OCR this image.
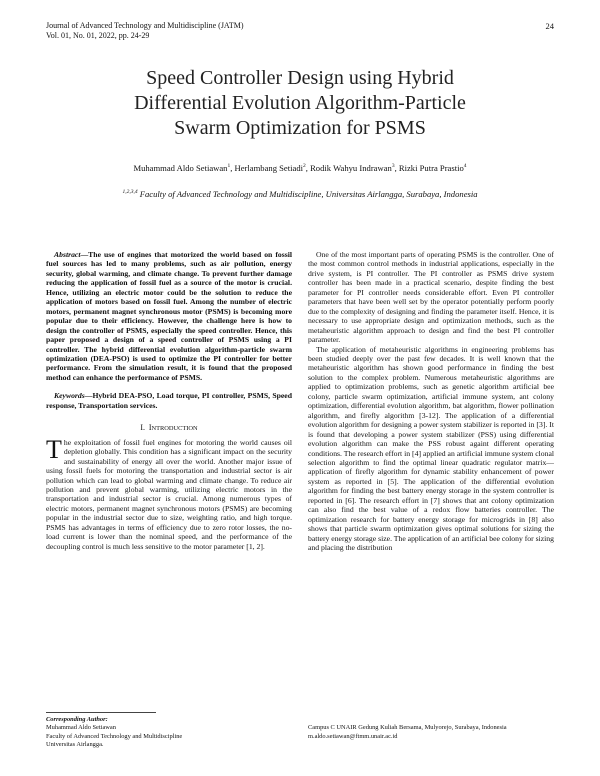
Journal of Advanced Technology and Multidiscipline (JATM)
Vol. 01, No. 01, 2022, pp. 24-29
24
Speed Controller Design using Hybrid
Differential Evolution Algorithm-Particle
Swarm Optimization for PSMS
Muhammad Aldo Setiawan$^1$, Herlambang Setiadi$^2$, Rodik Wahyu Indrawan$^3$, Rizki Putra Prastio$^4$
$^{1,2,3,4}$ Faculty of Advanced Technology and Multidiscipline, Universitas Airlangga, Surabaya, Indonesia

Abstract—The use of engines that motorized the world based on fossil fuel sources has led to many problems, such as air pollution, energy security, global warming, and climate change. To prevent further damage reducing the application of fossil fuel as a source of the motor is crucial. Hence, utilizing an electric motor could be the solution to reduce the application of motors based on fossil fuel. Among the number of electric motors, permanent magnet synchronous motor (PSMS) is becoming more popular due to their efficiency. However, the challenge here is how to design the controller of PSMS, especially the speed controller. Hence, this paper proposed a design of a speed controller of PSMS using a PI controller. The hybrid differential evolution algorithm-particle swarm optimization (DEA-PSO) is used to optimize the PI controller for better performance. From the simulation result, it is found that the proposed method can enhance the performance of PSMS.

Keywords—Hybrid DEA-PSO, Load torque, PI controller, PSMS, Speed response, Transportation services.

I. INTRODUCTION

The exploitation of fossil fuel engines for motoring the world causes oil depletion globally. This condition has a significant impact on the security and sustainability of energy all over the world. Another major issue of using fossil fuels for motoring the transportation and industrial sector is air pollution which can lead to global warming and climate change. To reduce air pollution and prevent global warming, utilizing electric motors in the transportation and industrial sector is crucial. Among numerous types of electric motors, permanent magnet synchronous motors (PSMS) are becoming popular in the industrial sector due to size, weighting ratio, and high torque. PSMS has advantages in terms of efficiency due to zero rotor losses, the no-load current is lower than the nominal speed, and the performance of the decoupling control is much less sensitive to the motor parameter [1, 2].

One of the most important parts of operating PSMS is the controller. One of the most common control methods in industrial applications, especially in the drive system, is PI controller. The PI controller as PSMS drive system controller has been made in a practical scenario, despite finding the best parameter for PI controller needs considerable effort. Even PI controller parameters that have been well set by the operator potentially perform poorly due to the complexity of designing and finding the parameter itself. Hence, it is necessary to use appropriate design and optimization methods, such as the metaheuristic algorithm approach to design and find the best PI controller parameter.

The application of metaheuristic algorithms in engineering problems has been studied deeply over the past few decades. It is well known that the metaheuristic algorithm has shown good performance in finding the best solution to the complex problem. Numerous metaheuristic algorithms are applied to optimization problems, such as genetic algorithm artificial bee colony, particle swarm optimization, artificial immune system, ant colony optimization, differential evolution algorithm, bat algorithm, flower pollination algorithm, and firefly algorithm [3-12]. The application of a differential evolution algorithm for designing a power system stabilizer is reported in [3]. It is found that developing a power system stabilizer (PSS) using differential evolution algorithm can make the PSS robust againt different operating conditions. The research effort in [4] applied an artificial immune system clonal selection algorithm to find the optimal linear quadratic regulator matrix—application of firefly algorithm for dynamic stability enhancement of power system as reported in [5]. The application of the differential evolution algorithm for finding the best battery energy storage in the system controller is reported in [6]. The research effort in [7] shows that ant colony optimization can also find the best value of a redox flow batteries controller. The optimization research for battery energy storage for microgrids in [8] also shows that particle swarm optimization gives optimal solutions for sizing the battery energy storage size. The application of an artificial bee colony for sizing and placing the distribution

Corresponding Author:
Muhammad Aldo Setiawan
Faculty of Advanced Technology and Multidiscipline
Universitas Airlangga.
Campus C UNAIR Gedung Kuliah Bersama, Mulyorejo, Surabaya, Indonesia
m.aldo.setiawan@ftmm.unair.ac.id
